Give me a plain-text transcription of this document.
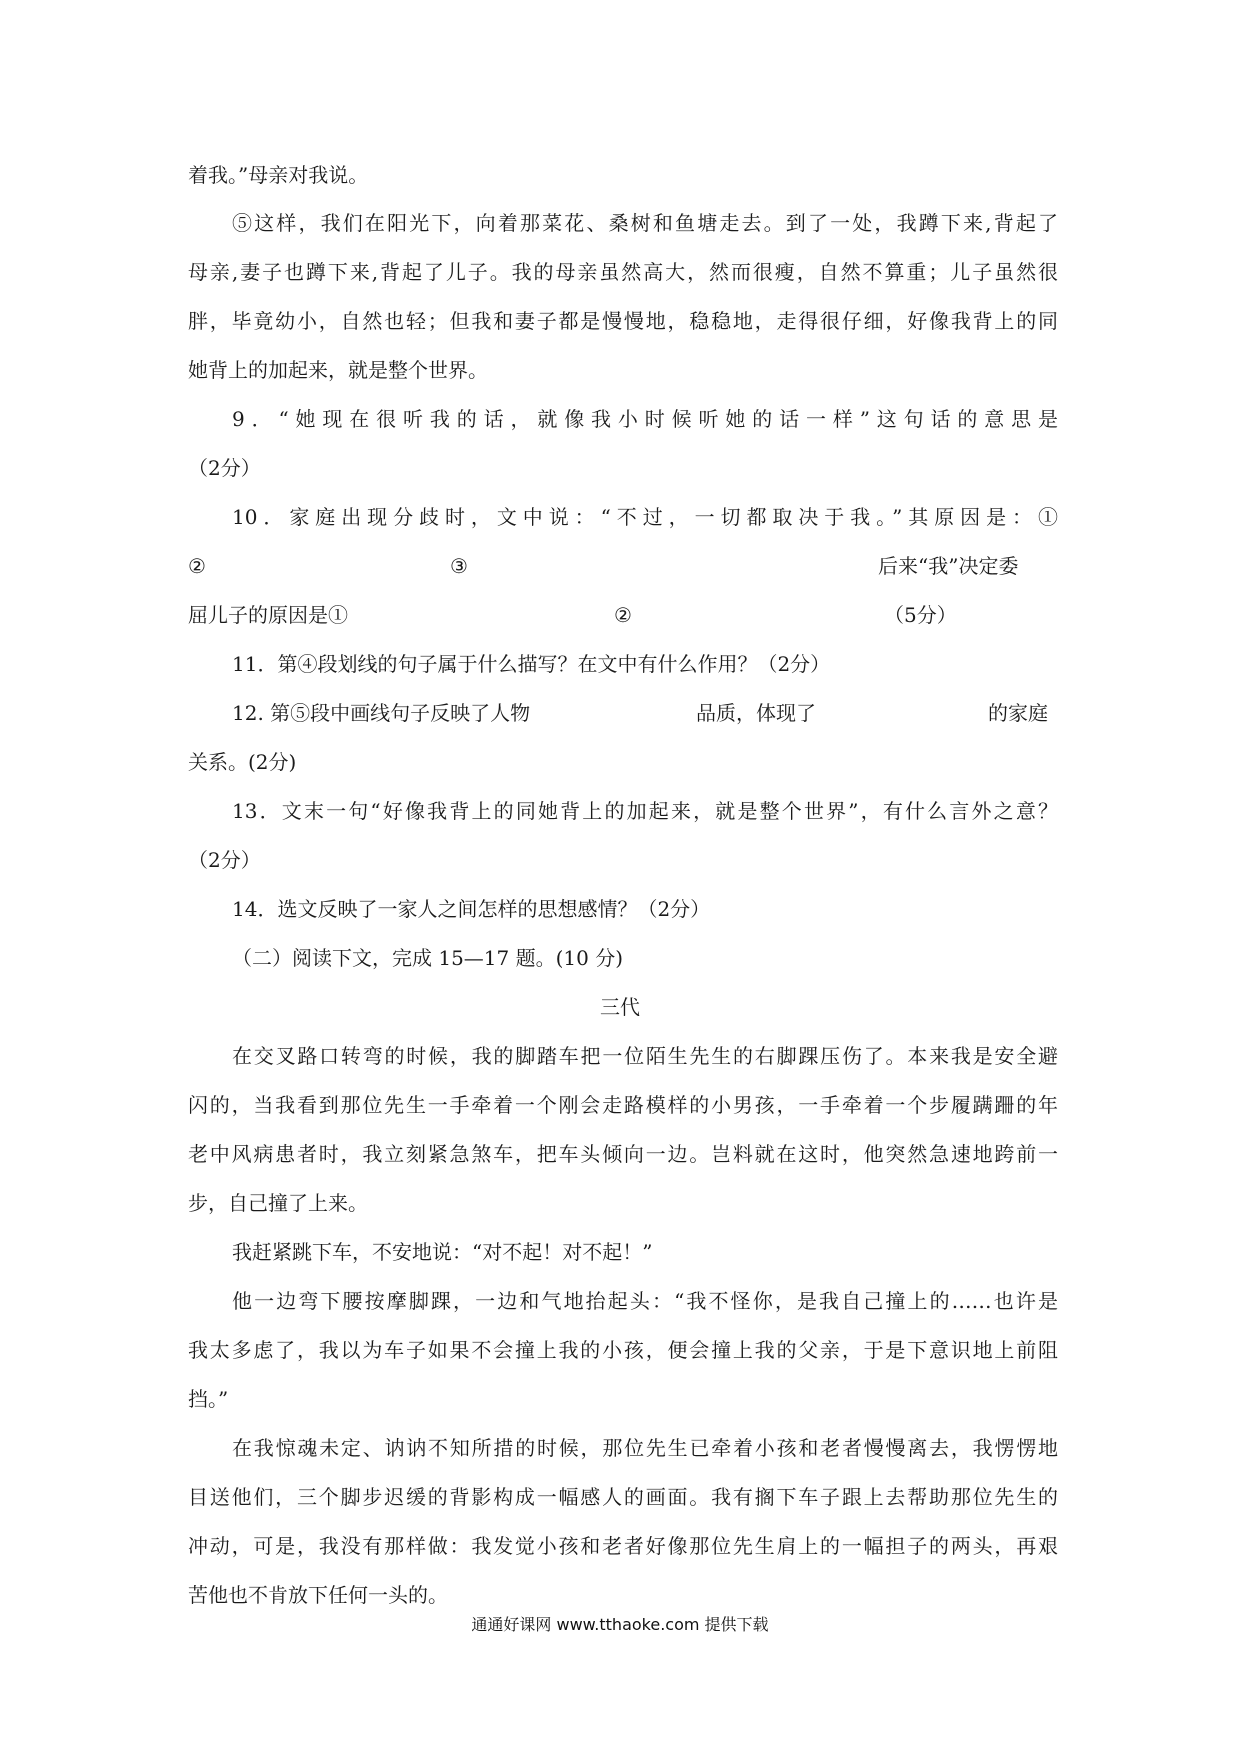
着我。”母亲对我说。
⑤这样，我们在阳光下，向着那菜花、桑树和鱼塘走去。到了一处，我蹲下来,背起了
母亲,妻子也蹲下来,背起了儿子。我的母亲虽然高大，然而很瘦，自然不算重；儿子虽然很
胖，毕竟幼小，自然也轻；但我和妻子都是慢慢地，稳稳地，走得很仔细，好像我背上的同
她背上的加起来，就是整个世界。
9．“她现在很听我的话，就像我小时候听她的话一样”这句话的意思是
（2分）
10．家庭出现分歧时，文中说：“不过，一切都取决于我。”其原因是：①
②	③	后来“我”决定委
屈儿子的原因是①	②	（5分）
11．第④段划线的句子属于什么描写？在文中有什么作用？（2分）
12. 第⑤段中画线句子反映了人物	品质，体现了	的家庭
关系。(2分)
13．文末一句“好像我背上的同她背上的加起来，就是整个世界”，有什么言外之意？
（2分）
14．选文反映了一家人之间怎样的思想感情？（2分）
（二）阅读下文，完成 15—17 题。(10 分)
三代
在交叉路口转弯的时候，我的脚踏车把一位陌生先生的右脚踝压伤了。本来我是安全避
闪的，当我看到那位先生一手牵着一个刚会走路模样的小男孩，一手牵着一个步履蹒跚的年
老中风病患者时，我立刻紧急煞车，把车头倾向一边。岂料就在这时，他突然急速地跨前一
步，自己撞了上来。
我赶紧跳下车，不安地说：“对不起！对不起！”
他一边弯下腰按摩脚踝，一边和气地抬起头：“我不怪你，是我自己撞上的……也许是
我太多虑了，我以为车子如果不会撞上我的小孩，便会撞上我的父亲，于是下意识地上前阻
挡。”
在我惊魂未定、讷讷不知所措的时候，那位先生已牵着小孩和老者慢慢离去，我愣愣地
目送他们，三个脚步迟缓的背影构成一幅感人的画面。我有搁下车子跟上去帮助那位先生的
冲动，可是，我没有那样做：我发觉小孩和老者好像那位先生肩上的一幅担子的两头，再艰
苦他也不肯放下任何一头的。
通通好课网 www.tthaoke.com 提供下载
